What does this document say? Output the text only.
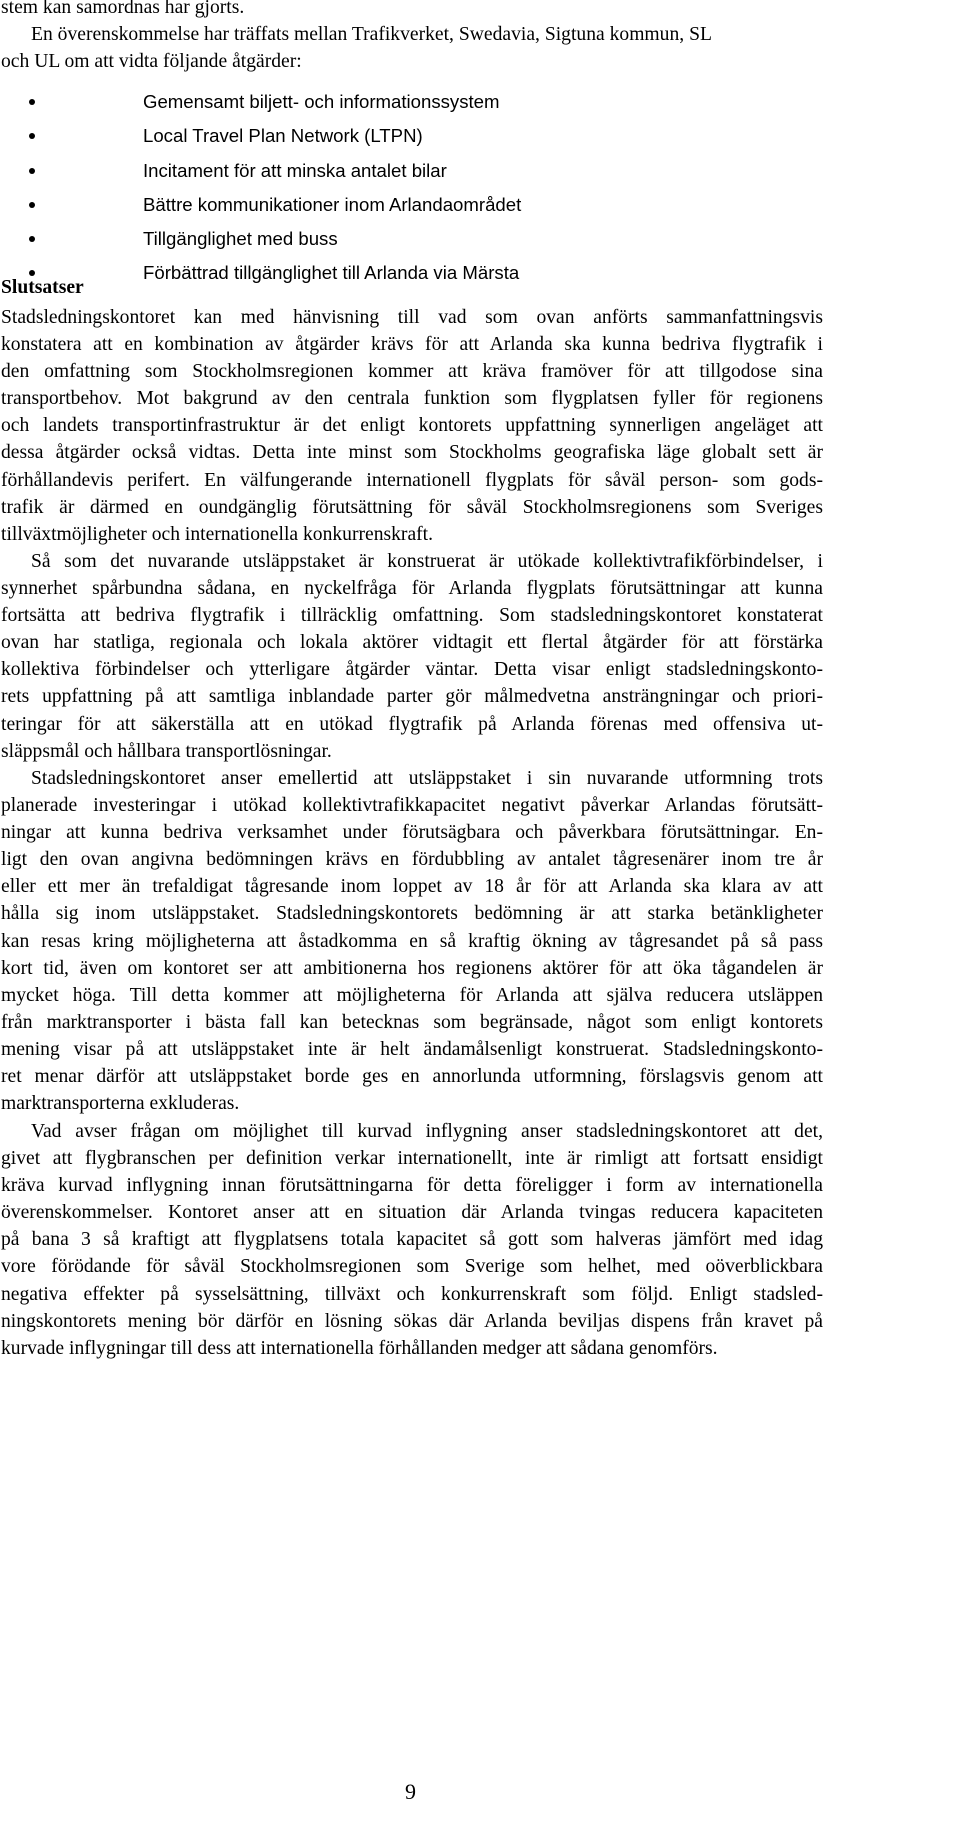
stem kan samordnas har gjorts.
En överenskommelse har träffats mellan Trafikverket, Swedavia, Sigtuna kommun, SL
och UL om att vidta följande åtgärder:
Gemensamt biljett- och informationssystem
Local Travel Plan Network (LTPN)
Incitament för att minska antalet bilar
Bättre kommunikationer inom Arlandaområdet
Tillgänglighet med buss
Förbättrad tillgänglighet till Arlanda via Märsta
Slutsatser
Stadsledningskontoret kan med hänvisning till vad som ovan anförts sammanfattningsvis
konstatera att en kombination av åtgärder krävs för att Arlanda ska kunna bedriva flygtrafik i
den omfattning som Stockholmsregionen kommer att kräva framöver för att tillgodose sina
transportbehov. Mot bakgrund av den centrala funktion som flygplatsen fyller för regionens
och landets transportinfrastruktur är det enligt kontorets uppfattning synnerligen angeläget att
dessa åtgärder också vidtas. Detta inte minst som Stockholms geografiska läge globalt sett är
förhållandevis perifert. En välfungerande internationell flygplats för såväl person- som gods-
trafik är därmed en oundgänglig förutsättning för såväl Stockholmsregionens som Sveriges
tillväxtmöjligheter och internationella konkurrenskraft.
Så som det nuvarande utsläppstaket är konstruerat är utökade kollektivtrafikförbindelser, i
synnerhet spårbundna sådana, en nyckelfråga för Arlanda flygplats förutsättningar att kunna
fortsätta att bedriva flygtrafik i tillräcklig omfattning. Som stadsledningskontoret konstaterat
ovan har statliga, regionala och lokala aktörer vidtagit ett flertal åtgärder för att förstärka
kollektiva förbindelser och ytterligare åtgärder väntar. Detta visar enligt stadsledningskonto-
rets uppfattning på att samtliga inblandade parter gör målmedvetna ansträngningar och priori-
teringar för att säkerställa att en utökad flygtrafik på Arlanda förenas med offensiva ut-
släppsmål och hållbara transportlösningar.
Stadsledningskontoret anser emellertid att utsläppstaket i sin nuvarande utformning trots
planerade investeringar i utökad kollektivtrafikkapacitet negativt påverkar Arlandas förutsätt-
ningar att kunna bedriva verksamhet under förutsägbara och påverkbara förutsättningar. En-
ligt den ovan angivna bedömningen krävs en fördubbling av antalet tågresenärer inom tre år
eller ett mer än trefaldigat tågresande inom loppet av 18 år för att Arlanda ska klara av att
hålla sig inom utsläppstaket. Stadsledningskontorets bedömning är att starka betänkligheter
kan resas kring möjligheterna att åstadkomma en så kraftig ökning av tågresandet på så pass
kort tid, även om kontoret ser att ambitionerna hos regionens aktörer för att öka tågandelen är
mycket höga. Till detta kommer att möjligheterna för Arlanda att själva reducera utsläppen
från marktransporter i bästa fall kan betecknas som begränsade, något som enligt kontorets
mening visar på att utsläppstaket inte är helt ändamålsenligt konstruerat. Stadsledningskonto-
ret menar därför att utsläppstaket borde ges en annorlunda utformning, förslagsvis genom att
marktransporterna exkluderas.
Vad avser frågan om möjlighet till kurvad inflygning anser stadsledningskontoret att det,
givet att flygbranschen per definition verkar internationellt, inte är rimligt att fortsatt ensidigt
kräva kurvad inflygning innan förutsättningarna för detta föreligger i form av internationella
överenskommelser. Kontoret anser att en situation där Arlanda tvingas reducera kapaciteten
på bana 3 så kraftigt att flygplatsens totala kapacitet så gott som halveras jämfört med idag
vore förödande för såväl Stockholmsregionen som Sverige som helhet, med oöverblickbara
negativa effekter på sysselsättning, tillväxt och konkurrenskraft som följd. Enligt stadsled-
ningskontorets mening bör därför en lösning sökas där Arlanda beviljas dispens från kravet på
kurvade inflygningar till dess att internationella förhållanden medger att sådana genomförs.
9
